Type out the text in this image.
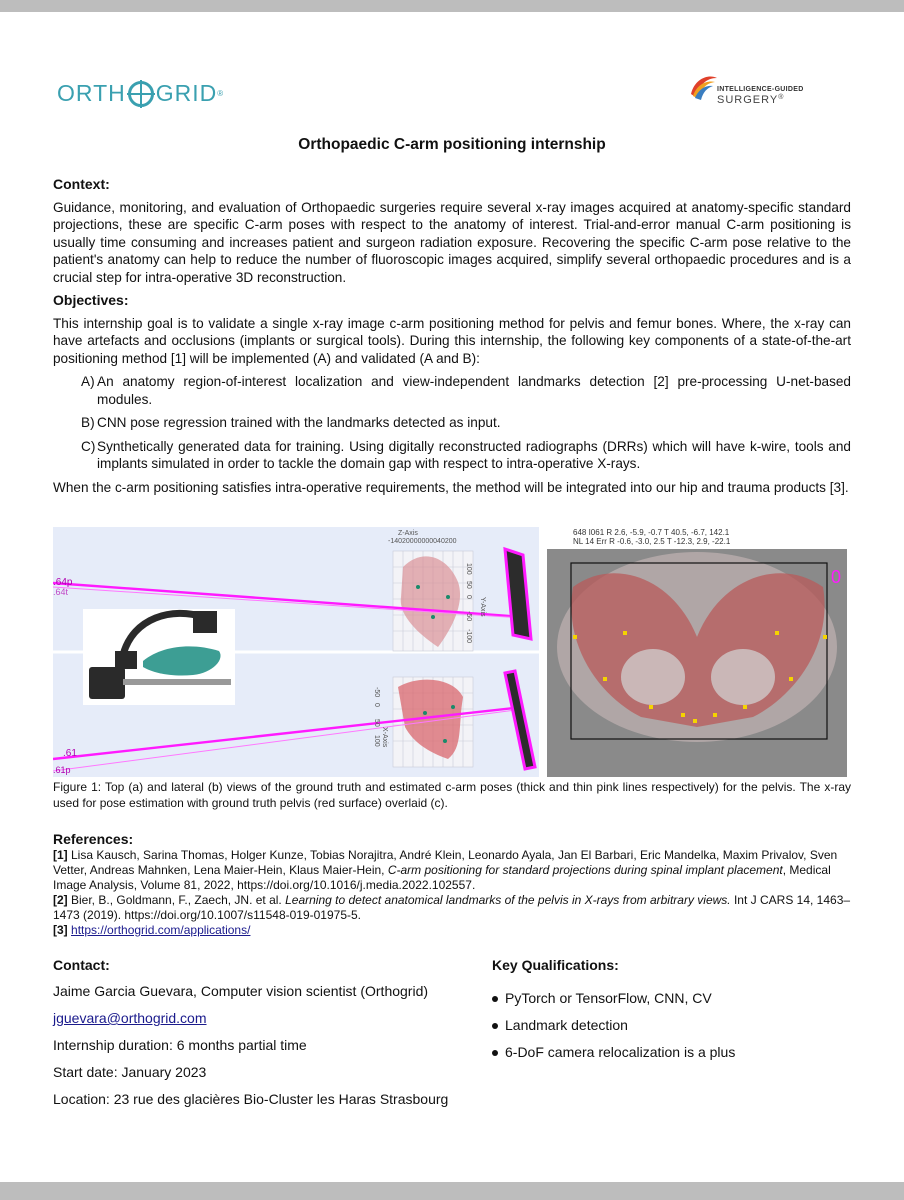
ORTH GRID ®	INTELLIGENCE-GUIDED
SURGERY®
Orthopaedic C-arm positioning internship
Context:

Guidance, monitoring, and evaluation of Orthopaedic surgeries require several x-ray images acquired at anatomy-specific standard projections, these are specific C-arm poses with respect to the anatomy of interest. Trial-and-error manual C-arm positioning is usually time consuming and increases patient and surgeon radiation exposure. Recovering the specific C-arm pose relative to the patient's anatomy can help to reduce the number of fluoroscopic images acquired, simplify several orthopaedic procedures and is a crucial step for intra-operative 3D reconstruction.

Objectives:

This internship goal is to validate a single x-ray image c-arm positioning method for pelvis and femur bones. Where, the x-ray can have artefacts and occlusions (implants or surgical tools). During this internship, the following key components of a state-of-the-art positioning method [1] will be implemented (A) and validated (A and B):

A) An anatomy region-of-interest localization and view-independent landmarks detection [2] pre-processing U-net-based modules.
B) CNN pose regression trained with the landmarks detected as input.
C) Synthetically generated data for training. Using digitally reconstructed radiographs (DRRs) which will have k-wire, tools and implants simulated in order to tackle the domain gap with respect to intra-operative X-rays.

When the c-arm positioning satisfies intra-operative requirements, the method will be integrated into our hip and trauma products [3].

.64p
.64t
.61
.61p
Z-Axis
-14020000000040200
Y-Axis
100
50
0
-50
-100
X-Axis
-50
0
50
100
648 I061 R 2.6, -5.9, -0.7 T 40.5, -6.7, 142.1
NL 14 Err R -0.6, -3.0, 2.5 T -12.3, 2.9, -22.1
0
Figure 1: Top (a) and lateral (b) views of the ground truth and estimated c-arm poses (thick and thin pink lines respectively) for the pelvis. The x-ray used for pose estimation with ground truth pelvis (red surface) overlaid (c).
References:
[1] Lisa Kausch, Sarina Thomas, Holger Kunze, Tobias Norajitra, André Klein, Leonardo Ayala, Jan El Barbari, Eric Mandelka, Maxim Privalov, Sven Vetter, Andreas Mahnken, Lena Maier-Hein, Klaus Maier-Hein, C-arm positioning for standard projections during spinal implant placement, Medical Image Analysis, Volume 81, 2022, https://doi.org/10.1016/j.media.2022.102557.
[2] Bier, B., Goldmann, F., Zaech, JN. et al. Learning to detect anatomical landmarks of the pelvis in X-rays from arbitrary views. Int J CARS 14, 1463–1473 (2019). https://doi.org/10.1007/s11548-019-01975-5.
[3] https://orthogrid.com/applications/
Contact:
Jaime Garcia Guevara, Computer vision scientist (Orthogrid)
jguevara@orthogrid.com
Internship duration: 6 months partial time
Start date: January 2023
Location: 23 rue des glacières Bio-Cluster les Haras Strasbourg
Key Qualifications:
PyTorch or TensorFlow, CNN, CV
Landmark detection
6-DoF camera relocalization is a plus
